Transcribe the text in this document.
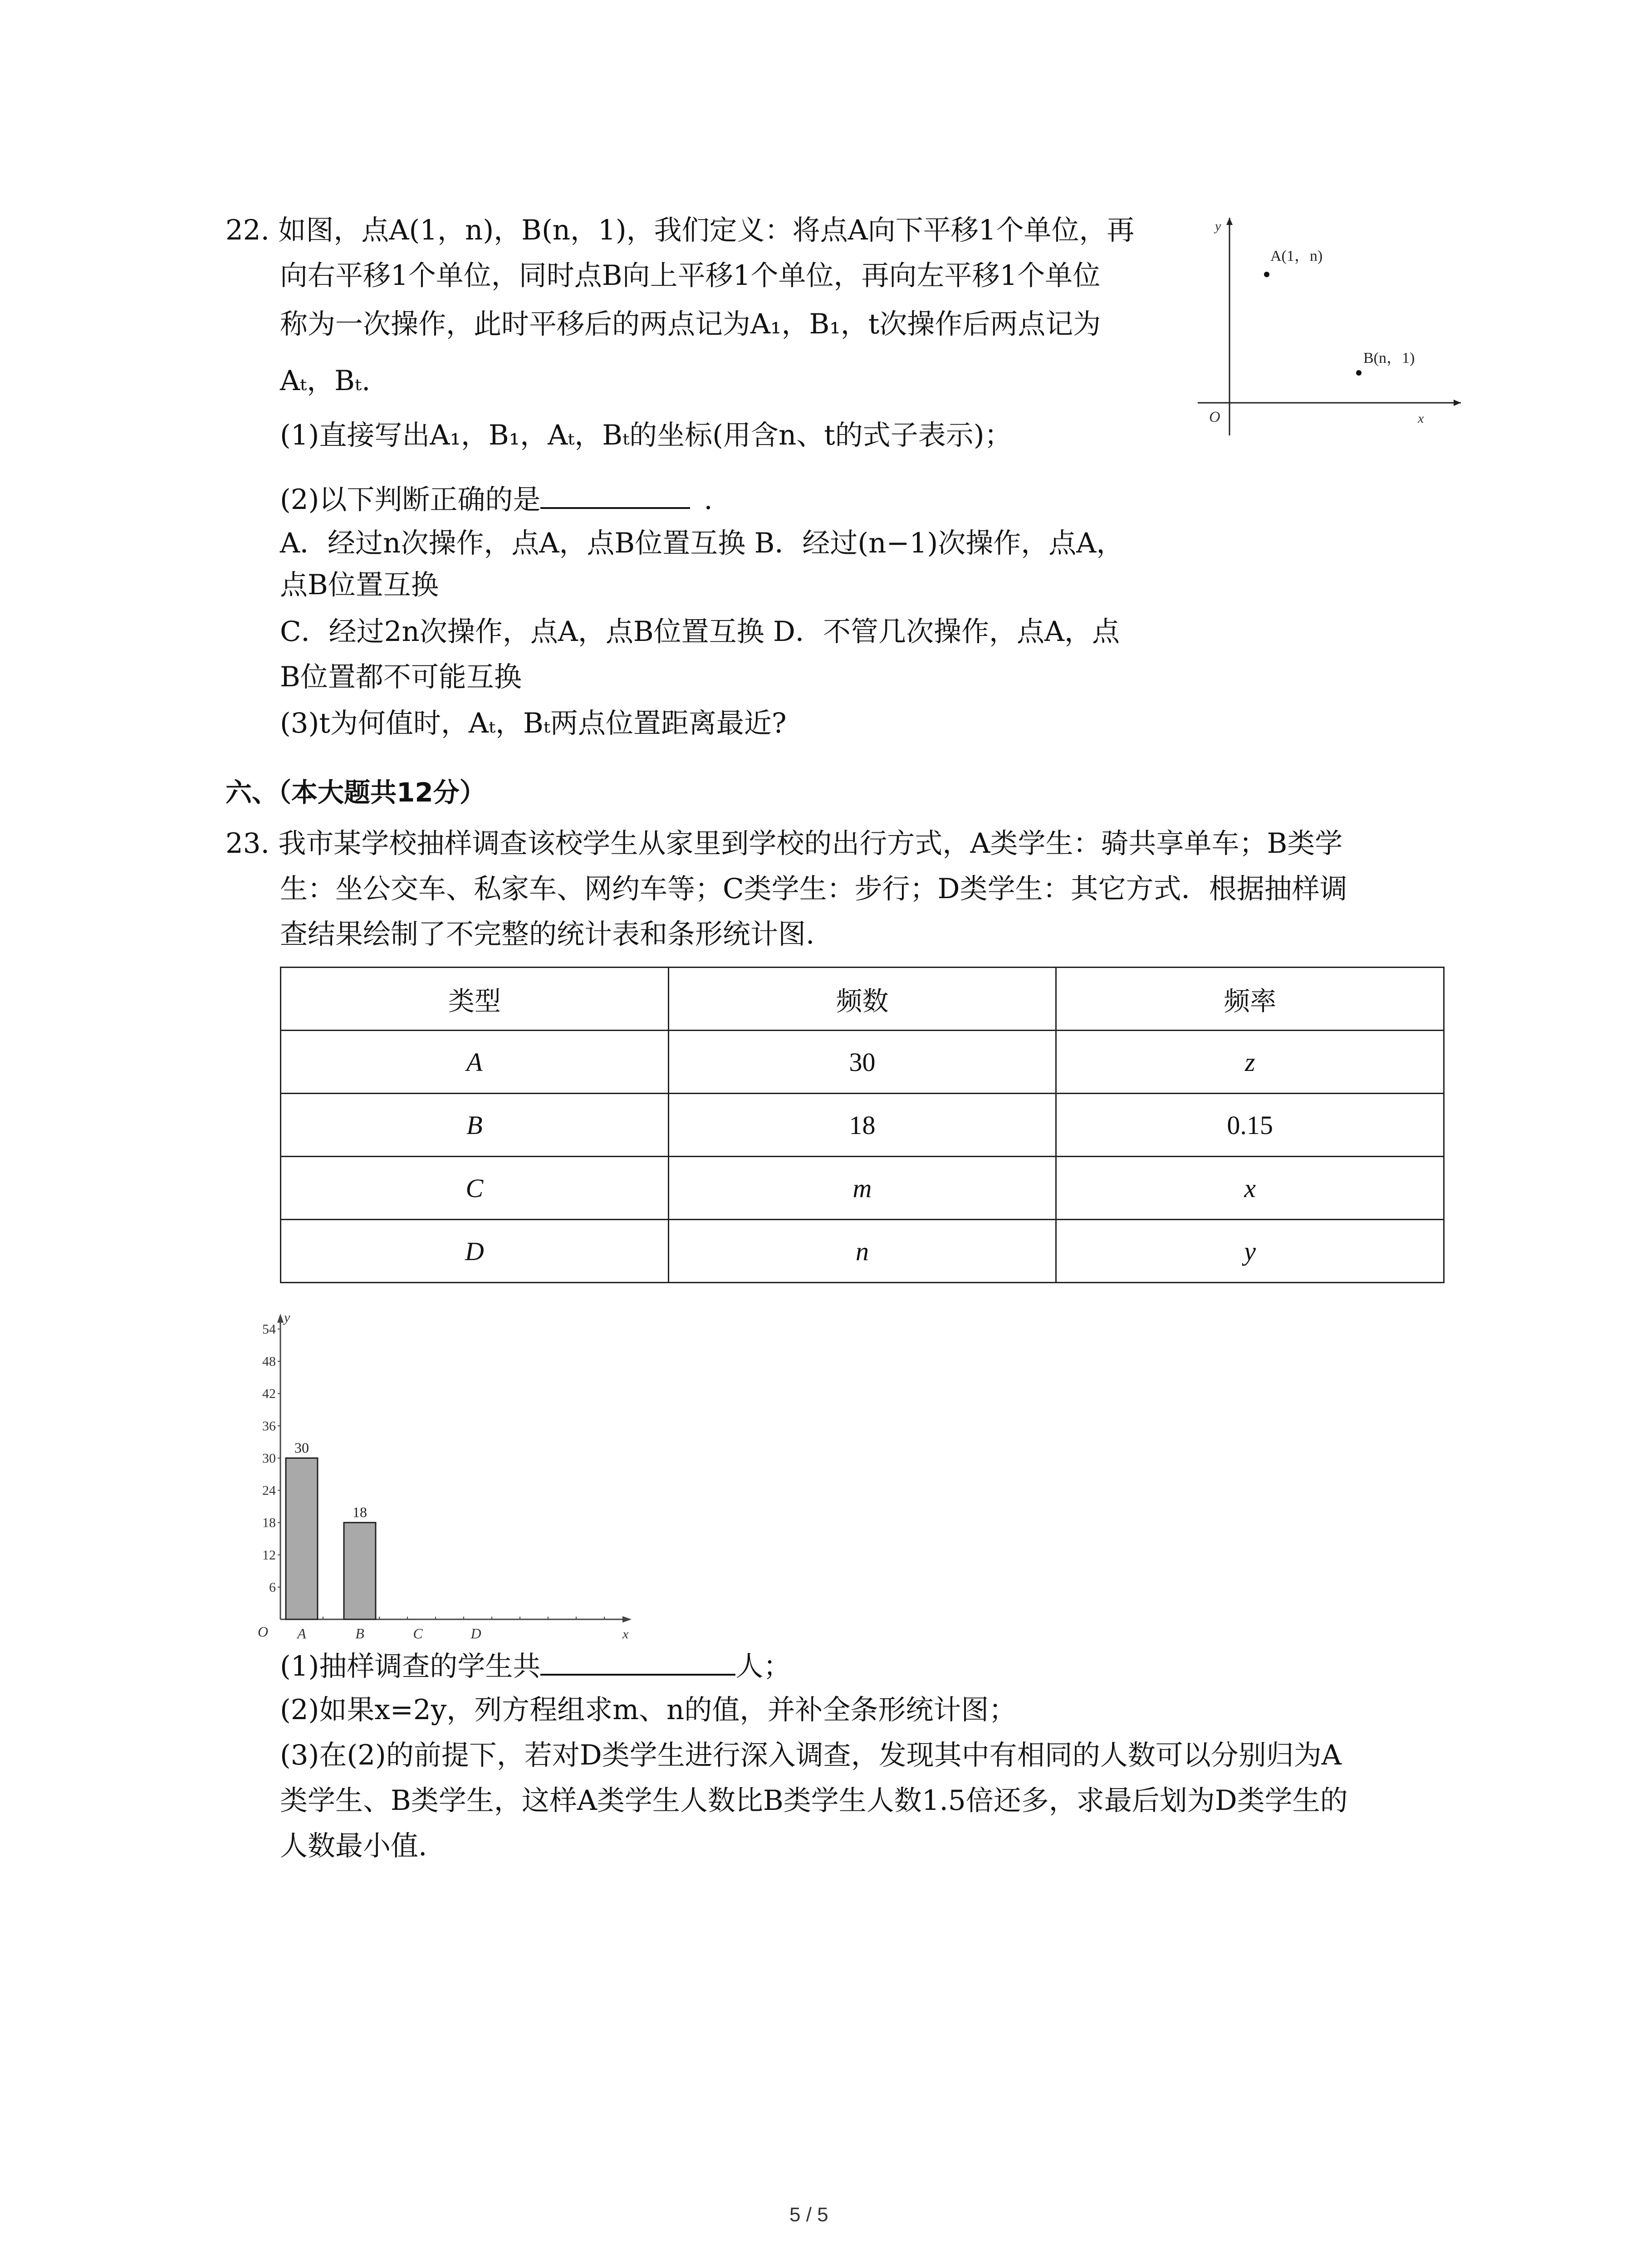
22. 如图，点A(1，n)，B(n，1)，我们定义：将点A向下平移1个单位，再
向右平移1个单位，同时点B向上平移1个单位，再向左平移1个单位
称为一次操作，此时平移后的两点记为A₁，B₁，t次操作后两点记为
Aₜ，Bₜ.
(1)直接写出A₁，B₁，Aₜ，Bₜ的坐标(用含n、t的式子表示)；
(2)以下判断正确的是	.
A．经过n次操作，点A，点B位置互换 B．经过(n−1)次操作，点A，
点B位置互换
C．经过2n次操作，点A，点B位置互换 D．不管几次操作，点A，点
B位置都不可能互换
(3)t为何值时，Aₜ，Bₜ两点位置距离最近?
y
x
O
A(1，n)
B(n，1)
六、（本大题共12分）
23. 我市某学校抽样调查该校学生从家里到学校的出行方式，A类学生：骑共享单车；B类学
生：坐公交车、私家车、网约车等；C类学生：步行；D类学生：其它方式．根据抽样调
查结果绘制了不完整的统计表和条形统计图.
类型	频数	频率
A	30	z
B	18	0.15
C	m	x
D	n	y
y
x
O
6
12
18
24
30
36
42
48
54
30
A
18
B	C	D
(1)抽样调查的学生共	人；
(2)如果x=2y，列方程组求m、n的值，并补全条形统计图；
(3)在(2)的前提下，若对D类学生进行深入调查，发现其中有相同的人数可以分别归为A
类学生、B类学生，这样A类学生人数比B类学生人数1.5倍还多，求最后划为D类学生的
人数最小值.
5 / 5
